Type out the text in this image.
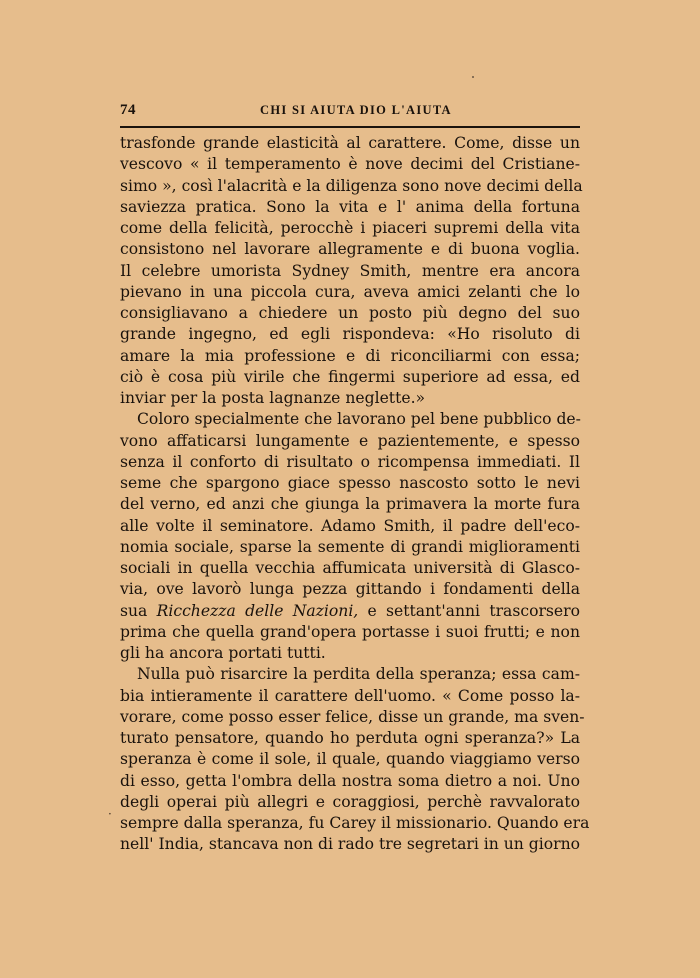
74	CHI SI AIUTA DIO L'AIUTA
trasfonde grande elasticità al carattere. Come, disse un
vescovo « il temperamento è nove decimi del Cristiane-
simo », così l'alacrità e la diligenza sono nove decimi della
saviezza pratica. Sono la vita e l' anima della fortuna
come della felicità, perocchè i piaceri supremi della vita
consistono nel lavorare allegramente e di buona voglia.
Il celebre umorista Sydney Smith, mentre era ancora
pievano in una piccola cura, aveva amici zelanti che lo
consigliavano a chiedere un posto più degno del suo
grande ingegno, ed egli rispondeva: «Ho risoluto di
amare la mia professione e di riconciliarmi con essa;
ciò è cosa più virile che fingermi superiore ad essa, ed
inviar per la posta lagnanze neglette.»
Coloro specialmente che lavorano pel bene pubblico de-
vono affaticarsi lungamente e pazientemente, e spesso
senza il conforto di risultato o ricompensa immediati. Il
seme che spargono giace spesso nascosto sotto le nevi
del verno, ed anzi che giunga la primavera la morte fura
alle volte il seminatore. Adamo Smith, il padre dell'eco-
nomia sociale, sparse la semente di grandi miglioramenti
sociali in quella vecchia affumicata università di Glasco-
via, ove lavorò lunga pezza gittando i fondamenti della
sua Ricchezza delle Nazioni, e settant'anni trascorsero
prima che quella grand'opera portasse i suoi frutti; e non
gli ha ancora portati tutti.
Nulla può risarcire la perdita della speranza; essa cam-
bia intieramente il carattere dell'uomo. « Come posso la-
vorare, come posso esser felice, disse un grande, ma sven-
turato pensatore, quando ho perduta ogni speranza?» La
speranza è come il sole, il quale, quando viaggiamo verso
di esso, getta l'ombra della nostra soma dietro a noi. Uno
degli operai più allegri e coraggiosi, perchè ravvalorato
sempre dalla speranza, fu Carey il missionario. Quando era
nell' India, stancava non di rado tre segretari in un giorno
·
